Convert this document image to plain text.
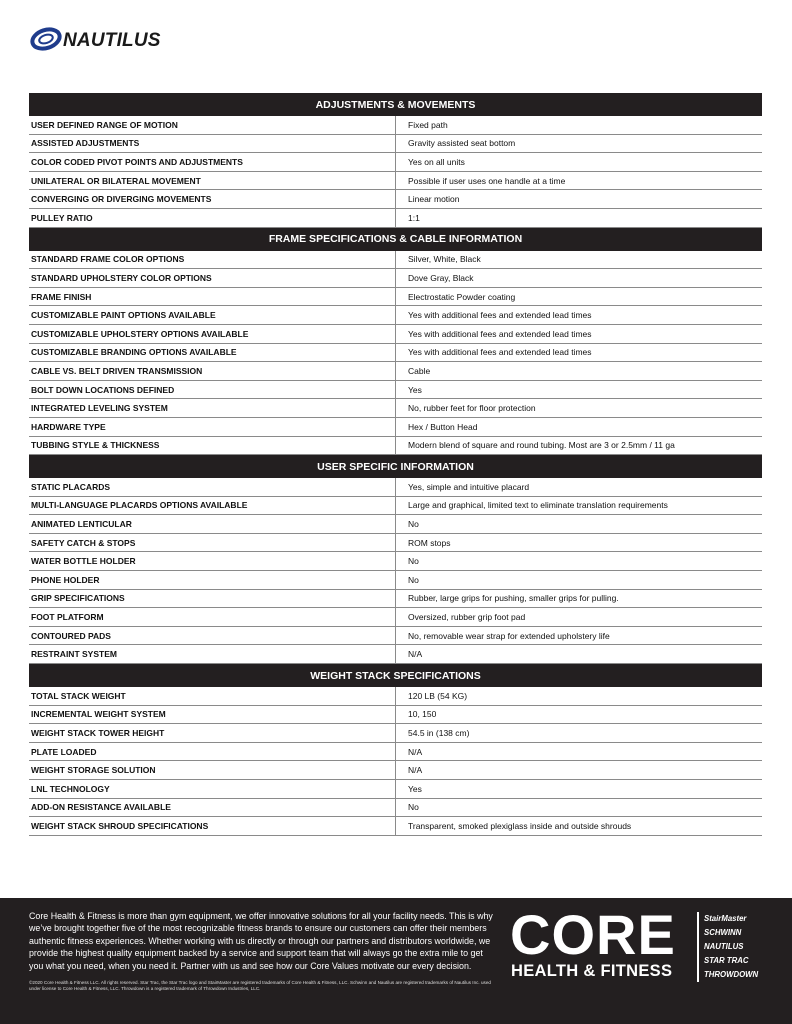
NAUTILUS
ADJUSTMENTS & MOVEMENTS	
USER DEFINED RANGE OF MOTION	Fixed path
ASSISTED ADJUSTMENTS	Gravity assisted seat bottom
COLOR CODED PIVOT POINTS AND ADJUSTMENTS	Yes on all units
UNILATERAL OR BILATERAL MOVEMENT	Possible if user uses one handle at a time
CONVERGING OR DIVERGING MOVEMENTS	Linear motion
PULLEY RATIO	1:1
FRAME SPECIFICATIONS & CABLE INFORMATION	
STANDARD FRAME COLOR OPTIONS	Silver, White, Black
STANDARD UPHOLSTERY COLOR OPTIONS	Dove Gray, Black
FRAME FINISH	Electrostatic Powder coating
CUSTOMIZABLE PAINT OPTIONS AVAILABLE	Yes with additional fees and extended lead times
CUSTOMIZABLE UPHOLSTERY OPTIONS AVAILABLE	Yes with additional fees and extended lead times
CUSTOMIZABLE BRANDING OPTIONS AVAILABLE	Yes with additional fees and extended lead times
CABLE VS. BELT DRIVEN TRANSMISSION	Cable
BOLT DOWN LOCATIONS DEFINED	Yes
INTEGRATED LEVELING SYSTEM	No, rubber feet for floor protection
HARDWARE TYPE	Hex / Button Head
TUBBING STYLE & THICKNESS	Modern blend of square and round tubing. Most are 3 or 2.5mm / 11 ga
USER SPECIFIC INFORMATION	
STATIC PLACARDS	Yes, simple and intuitive placard
MULTI-LANGUAGE PLACARDS OPTIONS AVAILABLE	Large and graphical, limited text to eliminate translation requirements
ANIMATED LENTICULAR	No
SAFETY CATCH & STOPS	ROM stops
WATER BOTTLE HOLDER	No
PHONE HOLDER	No
GRIP SPECIFICATIONS	Rubber, large grips for pushing, smaller grips for pulling.
FOOT PLATFORM	Oversized, rubber grip foot pad
CONTOURED PADS	No, removable wear strap for extended upholstery life
RESTRAINT SYSTEM	N/A
WEIGHT STACK SPECIFICATIONS	
TOTAL STACK WEIGHT	120 LB (54 KG)
INCREMENTAL WEIGHT SYSTEM	10, 150
WEIGHT STACK TOWER HEIGHT	54.5 in (138 cm)
PLATE LOADED	N/A
WEIGHT STORAGE SOLUTION	N/A
LNL TECHNOLOGY	Yes
ADD-ON RESISTANCE AVAILABLE	No
WEIGHT STACK SHROUD SPECIFICATIONS	Transparent, smoked plexiglass inside and outside shrouds
Core Health & Fitness is more than gym equipment, we offer innovative solutions for all your facility needs. This is why we’ve brought together five of the most recognizable fitness brands to ensure our customers can offer their members authentic fitness experiences. Whether working with us directly or through our partners and distributors worldwide, we provide the highest quality equipment backed by a service and support team that will always go the extra mile to get you what you need, when you need it. Partner with us and see how our Core Values motivate our every decision.
©2020 Core Health & Fitness LLC. All rights reserved. Star Trac, the Star Trac logo and StairMaster are registered trademarks of Core Health & Fitness, LLC. Schwinn and Nautilus are registered trademarks of Nautilus Inc. used under license to Core Health & Fitness, LLC. Throwdown is a registered trademark of Throwdown Industries, LLC.
CORE
HEALTH & FITNESS
StairMaster
SCHWINN
NAUTILUS
STAR TRAC
THROWDOWN
